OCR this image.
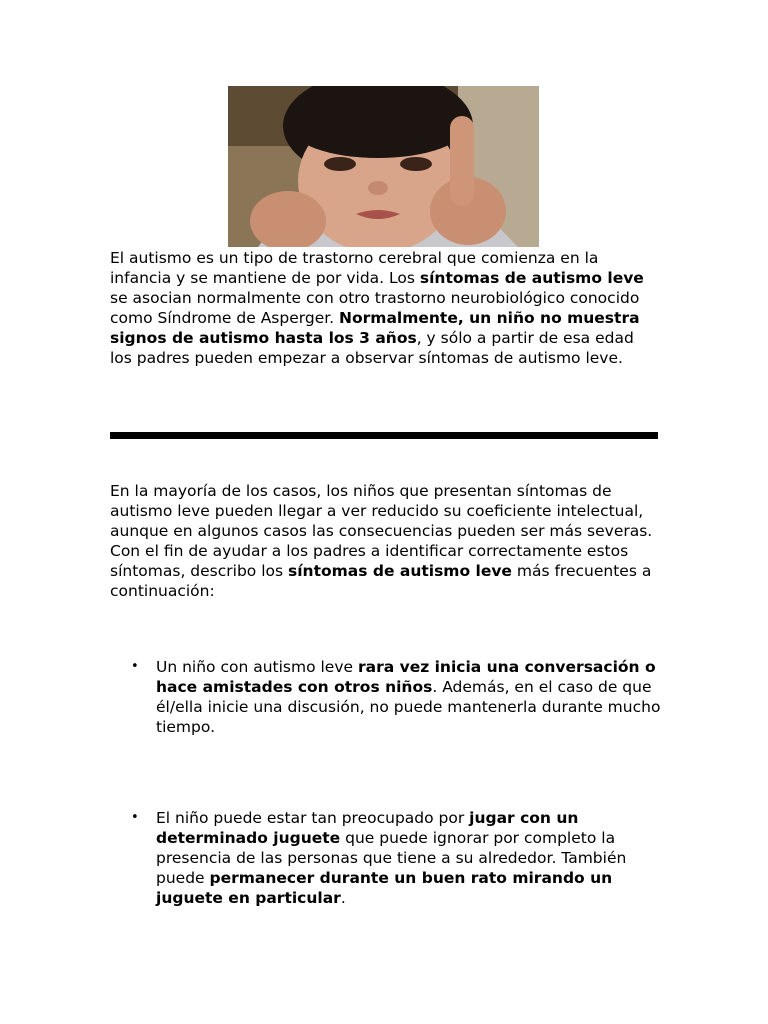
El autismo es un tipo de trastorno cerebral que comienza en la infancia y se mantiene de por vida. Los síntomas de autismo leve se asocian normalmente con otro trastorno neurobiológico conocido como Síndrome de Asperger. Normalmente, un niño no muestra signos de autismo hasta los 3 años, y sólo a partir de esa edad los padres pueden empezar a observar síntomas de autismo leve.

En la mayoría de los casos, los niños que presentan síntomas de autismo leve pueden llegar a ver reducido su coeficiente intelectual, aunque en algunos casos las consecuencias pueden ser más severas. Con el fin de ayudar a los padres a identificar correctamente estos síntomas, describo los síntomas de autismo leve más frecuentes a continuación:

• Un niño con autismo leve rara vez inicia una conversación o hace amistades con otros niños. Además, en el caso de que él/ella inicie una discusión, no puede mantenerla durante mucho tiempo.
• El niño puede estar tan preocupado por jugar con un determinado juguete que puede ignorar por completo la presencia de las personas que tiene a su alrededor. También puede permanecer durante un buen rato mirando un juguete en particular.
